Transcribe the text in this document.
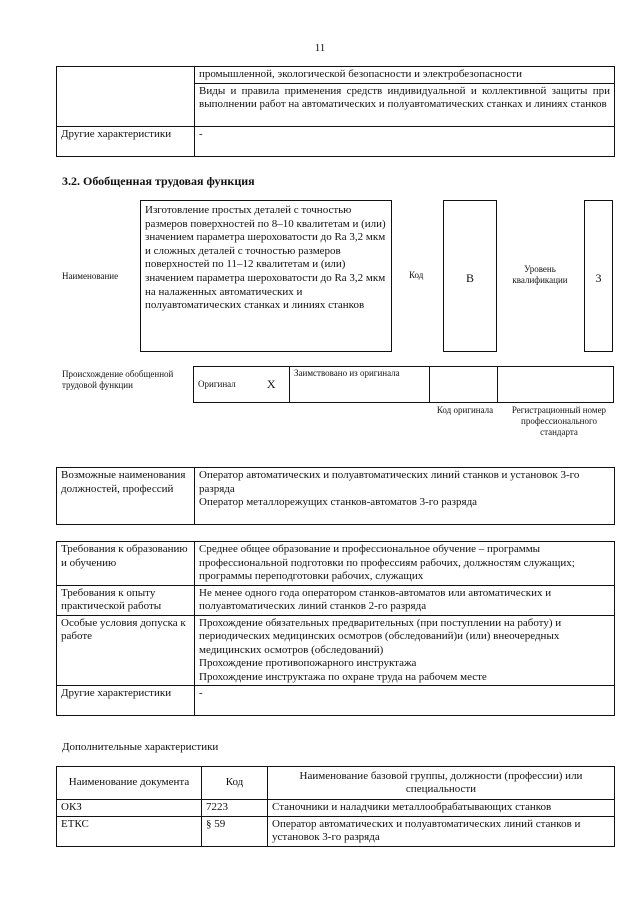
11
	промышленной, экологической безопасности и электробезопасности
	Виды и правила применения средств индивидуальной и коллективной защиты при выполнении работ на автоматических и полуавтоматических станках и линиях станков
Другие характеристики	-
3.2. Обобщенная трудовая функция
Наименование
Изготовление простых деталей с точностью размеров поверхностей по 8–10 квалитетам и (или) значением параметра шероховатости до Ra 3,2 мкм и сложных деталей с точностью размеров поверхностей по 11–12 квалитетам и (или) значением параметра шероховатости до Ra 3,2 мкм на налаженных автоматических и полуавтоматических станках и линиях станков
Код	B
Уровень квалификации	3
Происхождение обобщенной трудовой функции	Оригинал	X	Заимствовано из оригинала		
Код оригинала	Регистрационный номер профессионального стандарта
Возможные наименования должностей, профессий	
Оператор автоматических и полуавтоматических линий станков и установок 3-го разряда
Оператор металлорежущих станков-автоматов 3-го разряда
Требования к образованию и обучению	Среднее общее образование и профессиональное обучение – программы профессиональной подготовки по профессиям рабочих, должностям служащих; программы переподготовки рабочих, служащих
Требования к опыту практической работы	Не менее одного года оператором станков-автоматов или автоматических и полуавтоматических линий станков 2-го разряда
Особые условия допуска к работе	Прохождение обязательных предварительных (при поступлении на работу) и периодических медицинских осмотров (обследований)и (или) внеочередных медицинских осмотров (обследований)
Прохождение противопожарного инструктажа
Прохождение инструктажа по охране труда на рабочем месте

Другие характеристики	-
Дополнительные характеристики
Наименование документа	Код	Наименование базовой группы, должности (профессии) или специальности
ОКЗ	7223	Станочники и наладчики металлообрабатывающих станков
ЕТКС	§ 59	Оператор автоматических и полуавтоматических линий станков и установок 3-го разряда
